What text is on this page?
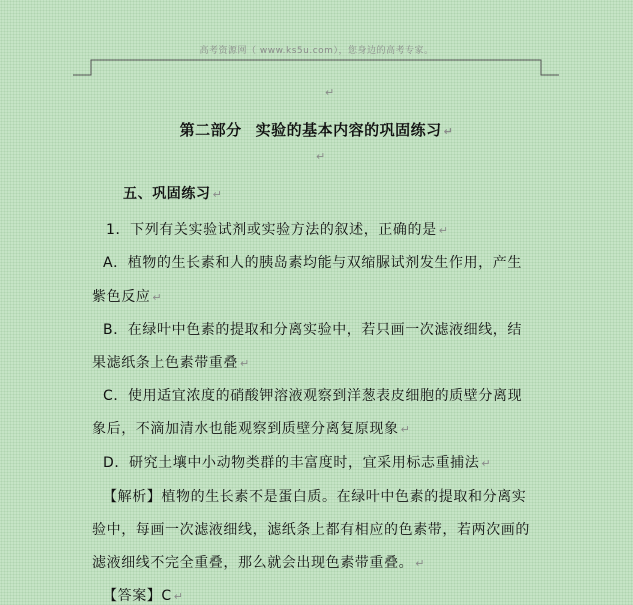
高考资源网（ www.ks5u.com），您身边的高考专家。
↵
第二部分 实验的基本内容的巩固练习 ↵
↵
五、巩固练习 ↵
1．下列有关实验试剂或实验方法的叙述，正确的是 ↵
A．植物的生长素和人的胰岛素均能与双缩脲试剂发生作用，产生
紫色反应 ↵
B．在绿叶中色素的提取和分离实验中，若只画一次滤液细线，结
果滤纸条上色素带重叠 ↵
C．使用适宜浓度的硝酸钾溶液观察到洋葱表皮细胞的质壁分离现
象后，不滴加清水也能观察到质壁分离复原现象 ↵
D．研究土壤中小动物类群的丰富度时，宜采用标志重捕法 ↵
【解析】植物的生长素不是蛋白质。在绿叶中色素的提取和分离实
验中，每画一次滤液细线，滤纸条上都有相应的色素带，若两次画的
滤液细线不完全重叠，那么就会出现色素带重叠。 ↵
【答案】C ↵
